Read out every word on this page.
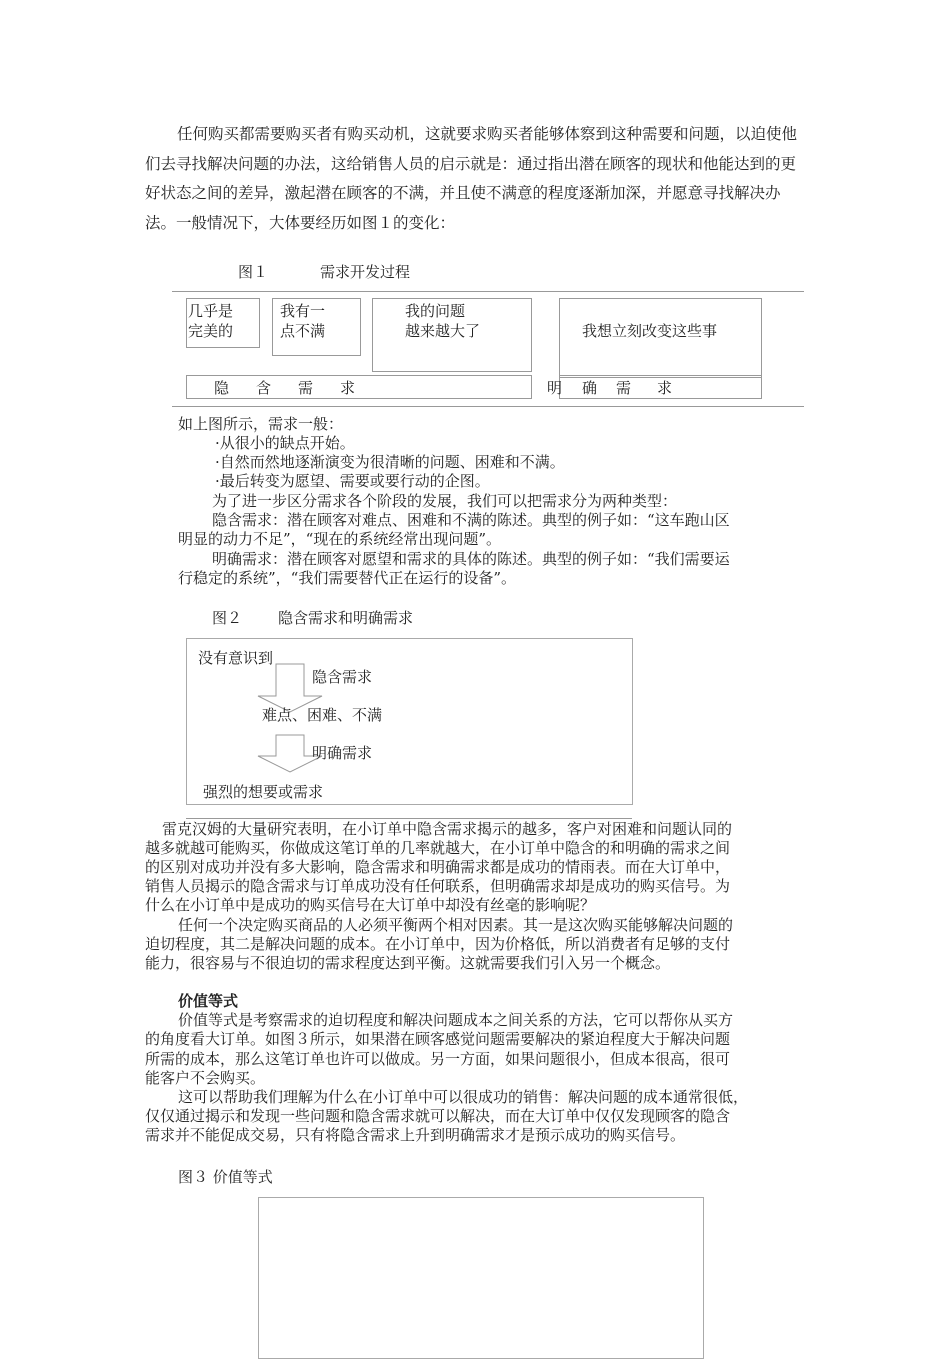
任何购买都需要购买者有购买动机，这就要求购买者能够体察到这种需要和问题，以迫使他们去寻找解决问题的办法，这给销售人员的启示就是：通过指出潜在顾客的现状和他能达到的更好状态之间的差异，激起潜在顾客的不满，并且使不满意的程度逐渐加深，并愿意寻找解决办法。一般情况下，大体要经历如图１的变化：
图１	需求开发过程
几乎是
完美的
我有一
点不满
我的问题
越来越大了	我想立刻改变这些事
隐　含　需　求	明 确 需 求
如上图所示，需求一般：
·从很小的缺点开始。
·自然而然地逐渐演变为很清晰的问题、困难和不满。
·最后转变为愿望、需要或要行动的企图。
为了进一步区分需求各个阶段的发展，我们可以把需求分为两种类型：
隐含需求：潜在顾客对难点、困难和不满的陈述。典型的例子如：“这车跑山区
明显的动力不足”，“现在的系统经常出现问题”。
明确需求：潜在顾客对愿望和需求的具体的陈述。典型的例子如：“我们需要运
行稳定的系统”，“我们需要替代正在运行的设备”。
图２ 隐含需求和明确需求
没有意识到
隐含需求
难点、困难、不满
明确需求
强烈的想要或需求
雷克汉姆的大量研究表明，在小订单中隐含需求揭示的越多，客户对困难和问题认同的
越多就越可能购买，你做成这笔订单的几率就越大，在小订单中隐含的和明确的需求之间
的区别对成功并没有多大影响，隐含需求和明确需求都是成功的情雨表。而在大订单中，
销售人员揭示的隐含需求与订单成功没有任何联系，但明确需求却是成功的购买信号。为
什么在小订单中是成功的购买信号在大订单中却没有丝毫的影响呢？
任何一个决定购买商品的人必须平衡两个相对因素。其一是这次购买能够解决问题的
迫切程度，其二是解决问题的成本。在小订单中，因为价格低，所以消费者有足够的支付
能力，很容易与不很迫切的需求程度达到平衡。这就需要我们引入另一个概念。
价值等式
价值等式是考察需求的迫切程度和解决问题成本之间关系的方法，它可以帮你从买方
的角度看大订单。如图３所示，如果潜在顾客感觉问题需要解决的紧迫程度大于解决问题
所需的成本，那么这笔订单也许可以做成。另一方面，如果问题很小，但成本很高，很可
能客户不会购买。
这可以帮助我们理解为什么在小订单中可以很成功的销售：解决问题的成本通常很低，
仅仅通过揭示和发现一些问题和隐含需求就可以解决，而在大订单中仅仅发现顾客的隐含
需求并不能促成交易，只有将隐含需求上升到明确需求才是预示成功的购买信号。
图３ 价值等式
